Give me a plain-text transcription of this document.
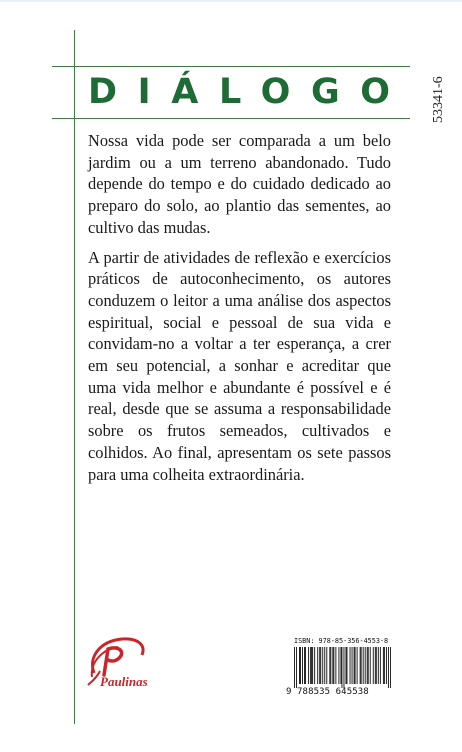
DIÁLOGO 53341-6

Nossa vida pode ser comparada a um belo jardim ou a um terreno abandonado. Tudo depende do tempo e do cuidado dedicado ao preparo do solo, ao plantio das sementes, ao cultivo das mudas.

A partir de atividades de reflexão e exercícios práticos de autoconhecimento, os autores conduzem o leitor a uma análise dos aspectos espiritual, social e pessoal de sua vida e convidam-no a voltar a ter esperança, a crer em seu potencial, a sonhar e acreditar que uma vida melhor e abundante é possível e é real, desde que se assuma a responsabilidade sobre os frutos semeados, cultivados e colhidos. Ao final, apresentam os sete passos para uma colheita extraordinária.

Paulinas
ISBN: 978-85-356-4553-8
9 788535 645538
